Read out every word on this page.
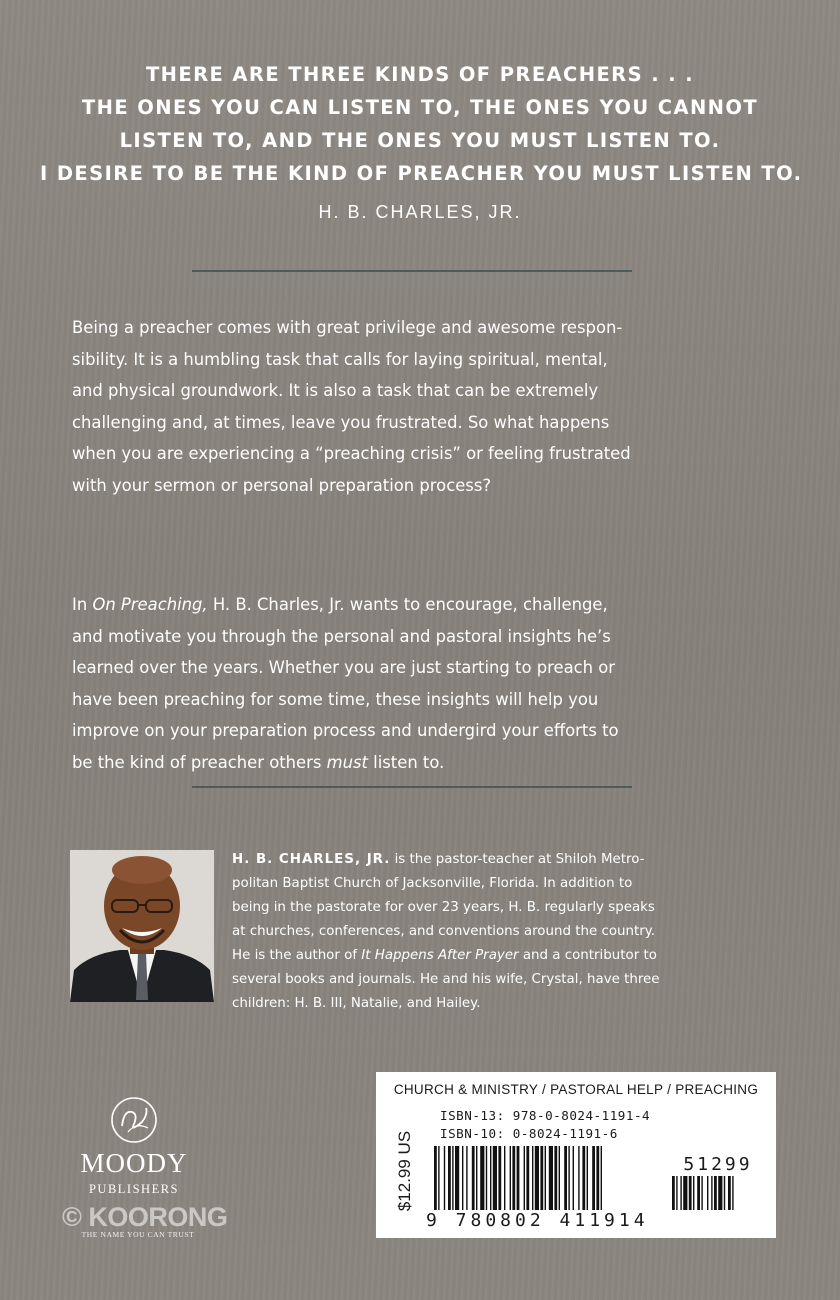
THERE ARE THREE KINDS OF PREACHERS . . .
THE ONES YOU CAN LISTEN TO, THE ONES YOU CANNOT
LISTEN TO, AND THE ONES YOU MUST LISTEN TO.
I DESIRE TO BE THE KIND OF PREACHER YOU MUST LISTEN TO.
H. B. CHARLES, JR.
Being a preacher comes with great privilege and awesome respon-
sibility. It is a humbling task that calls for laying spiritual, mental,
and physical groundwork. It is also a task that can be extremely
challenging and, at times, leave you frustrated. So what happens
when you are experiencing a “preaching crisis” or feeling frustrated
with your sermon or personal preparation process?
In On Preaching, H. B. Charles, Jr. wants to encourage, challenge,
and motivate you through the personal and pastoral insights he’s
learned over the years. Whether you are just starting to preach or
have been preaching for some time, these insights will help you
improve on your preparation process and undergird your efforts to
be the kind of preacher others must listen to.
H. B. CHARLES, JR. is the pastor-teacher at Shiloh Metro-
politan Baptist Church of Jacksonville, Florida. In addition to
being in the pastorate for over 23 years, H. B. regularly speaks
at churches, conferences, and conventions around the country.
He is the author of It Happens After Prayer and a contributor to
several books and journals. He and his wife, Crystal, have three
children: H. B. III, Natalie, and Hailey.
MOODY
PUBLISHERS
THE NAME YOU CAN TRUST
© KOORONG
CHURCH & MINISTRY / PASTORAL HELP / PREACHING
$12.99 US
ISBN-13: 978-0-8024-1191-4
ISBN-10: 0-8024-1191-6
51299
9 780802 411914
